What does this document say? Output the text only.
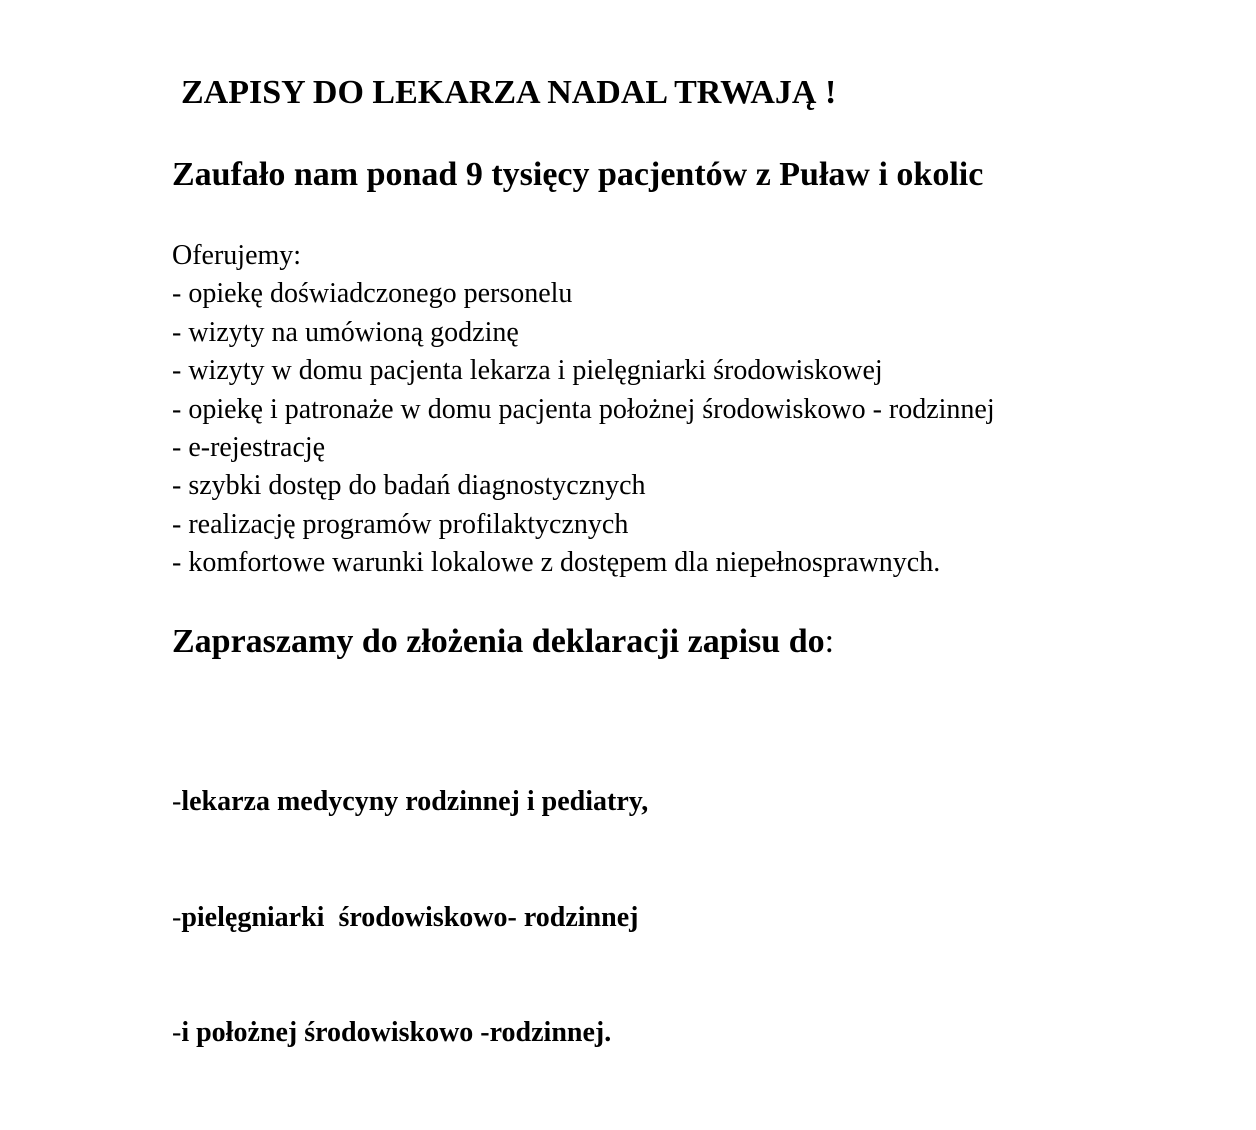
ZAPISY DO LEKARZA NADAL TRWAJĄ !
Zaufało nam ponad 9 tysięcy pacjentów z Puław i okolic
Oferujemy:
- opiekę doświadczonego personelu
- wizyty na umówioną godzinę
- wizyty w domu pacjenta lekarza i pielęgniarki środowiskowej
- opiekę i patronaże w domu pacjenta położnej środowiskowo - rodzinnej
- e-rejestrację
- szybki dostęp do badań diagnostycznych
- realizację programów profilaktycznych
- komfortowe warunki lokalowe z dostępem dla niepełnosprawnych.
Zapraszamy do złożenia deklaracji zapisu do:

-lekarza medycyny rodzinnej i pediatry,

-pielęgniarki  środowiskowo- rodzinnej

-i położnej środowiskowo -rodzinnej.
